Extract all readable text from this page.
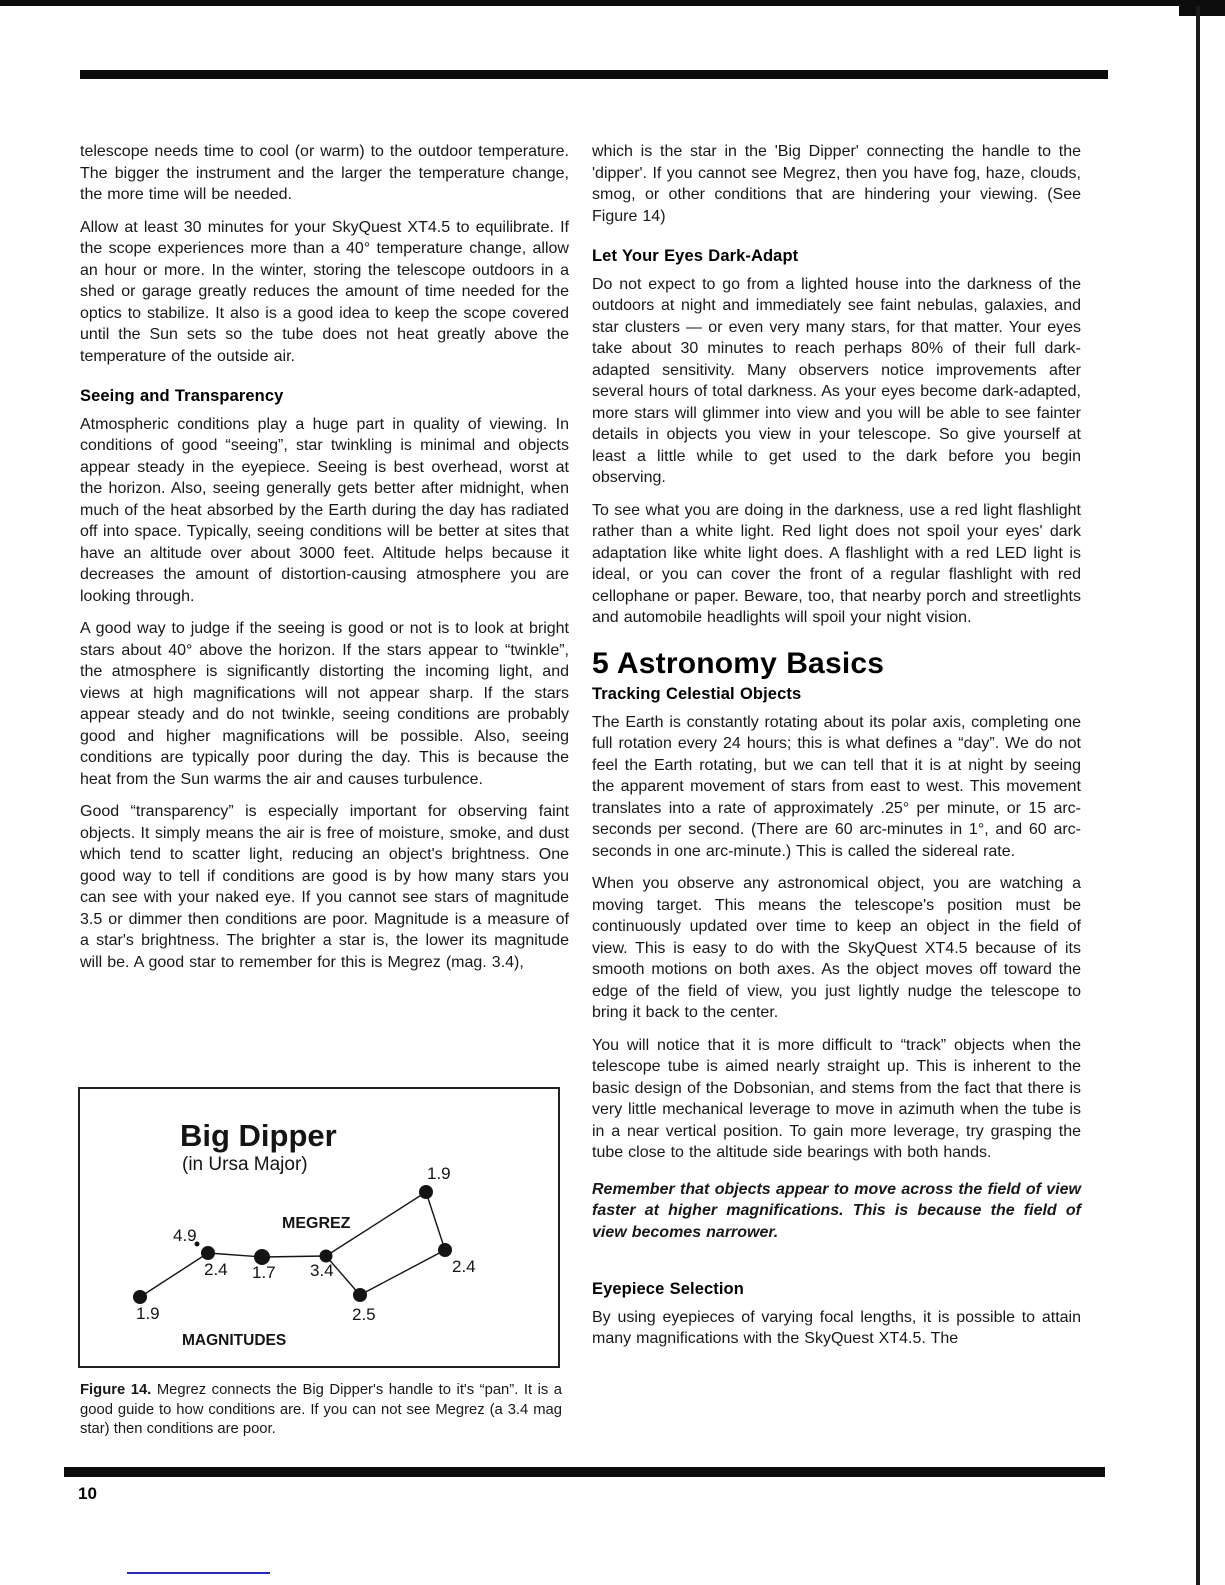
telescope needs time to cool (or warm) to the outdoor temperature. The bigger the instrument and the larger the temperature change, the more time will be needed.

Allow at least 30 minutes for your SkyQuest XT4.5 to equilibrate. If the scope experiences more than a 40° temperature change, allow an hour or more. In the winter, storing the telescope outdoors in a shed or garage greatly reduces the amount of time needed for the optics to stabilize. It also is a good idea to keep the scope covered until the Sun sets so the tube does not heat greatly above the temperature of the outside air.

Seeing and Transparency

Atmospheric conditions play a huge part in quality of viewing. In conditions of good “seeing”, star twinkling is minimal and objects appear steady in the eyepiece. Seeing is best overhead, worst at the horizon. Also, seeing generally gets better after midnight, when much of the heat absorbed by the Earth during the day has radiated off into space. Typically, seeing conditions will be better at sites that have an altitude over about 3000 feet. Altitude helps because it decreases the amount of distortion-causing atmosphere you are looking through.

A good way to judge if the seeing is good or not is to look at bright stars about 40° above the horizon. If the stars appear to “twinkle”, the atmosphere is significantly distorting the incoming light, and views at high magnifications will not appear sharp. If the stars appear steady and do not twinkle, seeing conditions are probably good and higher magnifications will be possible. Also, seeing conditions are typically poor during the day. This is because the heat from the Sun warms the air and causes turbulence.

Good “transparency” is especially important for observing faint objects. It simply means the air is free of moisture, smoke, and dust which tend to scatter light, reducing an object's brightness. One good way to tell if conditions are good is by how many stars you can see with your naked eye. If you cannot see stars of magnitude 3.5 or dimmer then conditions are poor. Magnitude is a measure of a star's brightness. The brighter a star is, the lower its magnitude will be. A good star to remember for this is Megrez (mag. 3.4),

Big Dipper
(in Ursa Major)
MEGREZ
MAGNITUDES
1.9
2.4 1.7 3.4
1.9
2.4
2.5
4.9
Figure 14. Megrez connects the Big Dipper's handle to it's “pan”. It is a good guide to how conditions are. If you can not see Megrez (a 3.4 mag star) then conditions are poor.

which is the star in the 'Big Dipper' connecting the handle to the 'dipper'. If you cannot see Megrez, then you have fog, haze, clouds, smog, or other conditions that are hindering your viewing. (See Figure 14)

Let Your Eyes Dark-Adapt

Do not expect to go from a lighted house into the darkness of the outdoors at night and immediately see faint nebulas, galaxies, and star clusters — or even very many stars, for that matter. Your eyes take about 30 minutes to reach perhaps 80% of their full dark-adapted sensitivity. Many observers notice improvements after several hours of total darkness. As your eyes become dark-adapted, more stars will glimmer into view and you will be able to see fainter details in objects you view in your telescope. So give yourself at least a little while to get used to the dark before you begin observing.

To see what you are doing in the darkness, use a red light flashlight rather than a white light. Red light does not spoil your eyes' dark adaptation like white light does. A flashlight with a red LED light is ideal, or you can cover the front of a regular flashlight with red cellophane or paper. Beware, too, that nearby porch and streetlights and automobile headlights will spoil your night vision.

5 Astronomy Basics
Tracking Celestial Objects

The Earth is constantly rotating about its polar axis, completing one full rotation every 24 hours; this is what defines a “day”. We do not feel the Earth rotating, but we can tell that it is at night by seeing the apparent movement of stars from east to west. This movement translates into a rate of approximately .25° per minute, or 15 arc-seconds per second. (There are 60 arc-minutes in 1°, and 60 arc-seconds in one arc-minute.) This is called the sidereal rate.

When you observe any astronomical object, you are watching a moving target. This means the telescope's position must be continuously updated over time to keep an object in the field of view. This is easy to do with the SkyQuest XT4.5 because of its smooth motions on both axes. As the object moves off toward the edge of the field of view, you just lightly nudge the telescope to bring it back to the center.

You will notice that it is more difficult to “track” objects when the telescope tube is aimed nearly straight up. This is inherent to the basic design of the Dobsonian, and stems from the fact that there is very little mechanical leverage to move in azimuth when the tube is in a near vertical position. To gain more leverage, try grasping the tube close to the altitude side bearings with both hands.

Remember that objects appear to move across the field of view faster at higher magnifications. This is because the field of view becomes narrower.

Eyepiece Selection

By using eyepieces of varying focal lengths, it is possible to attain many magnifications with the SkyQuest XT4.5. The

10
